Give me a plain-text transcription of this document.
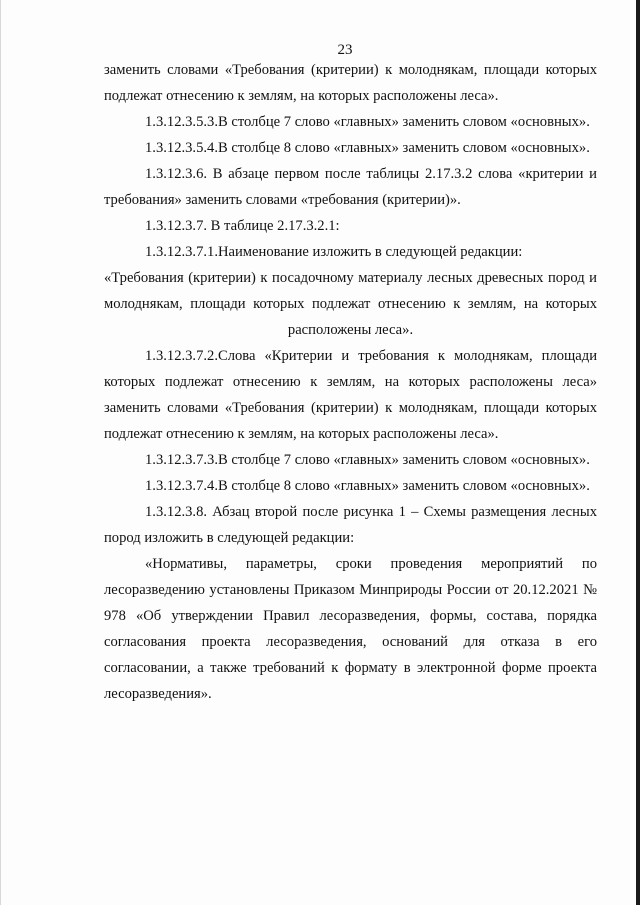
23

заменить словами «Требования (критерии) к молоднякам, площади которых подлежат отнесению к землям, на которых расположены леса».

1.3.12.3.5.3.В столбце 7 слово «главных» заменить словом «основных».

1.3.12.3.5.4.В столбце 8 слово «главных» заменить словом «основных».

1.3.12.3.6. В абзаце первом после таблицы 2.17.3.2 слова «критерии и требования» заменить словами «требования (критерии)».

1.3.12.3.7. В таблице 2.17.3.2.1:

1.3.12.3.7.1.Наименование изложить в следующей редакции:

«Требования (критерии) к посадочному материалу лесных древесных пород и молоднякам, площади которых подлежат отнесению к землям, на которых расположены леса».

1.3.12.3.7.2.Слова «Критерии и требования к молоднякам, площади которых подлежат отнесению к землям, на которых расположены леса» заменить словами «Требования (критерии) к молоднякам, площади которых подлежат отнесению к землям, на которых расположены леса».

1.3.12.3.7.3.В столбце 7 слово «главных» заменить словом «основных».

1.3.12.3.7.4.В столбце 8 слово «главных» заменить словом «основных».

1.3.12.3.8. Абзац второй после рисунка 1 – Схемы размещения лесных пород изложить в следующей редакции:

«Нормативы, параметры, сроки проведения мероприятий по лесоразведению установлены Приказом Минприроды России от 20.12.2021 № 978 «Об утверждении Правил лесоразведения, формы, состава, порядка согласования проекта лесоразведения, оснований для отказа в его согласовании, а также требований к формату в электронной форме проекта лесоразведения».
